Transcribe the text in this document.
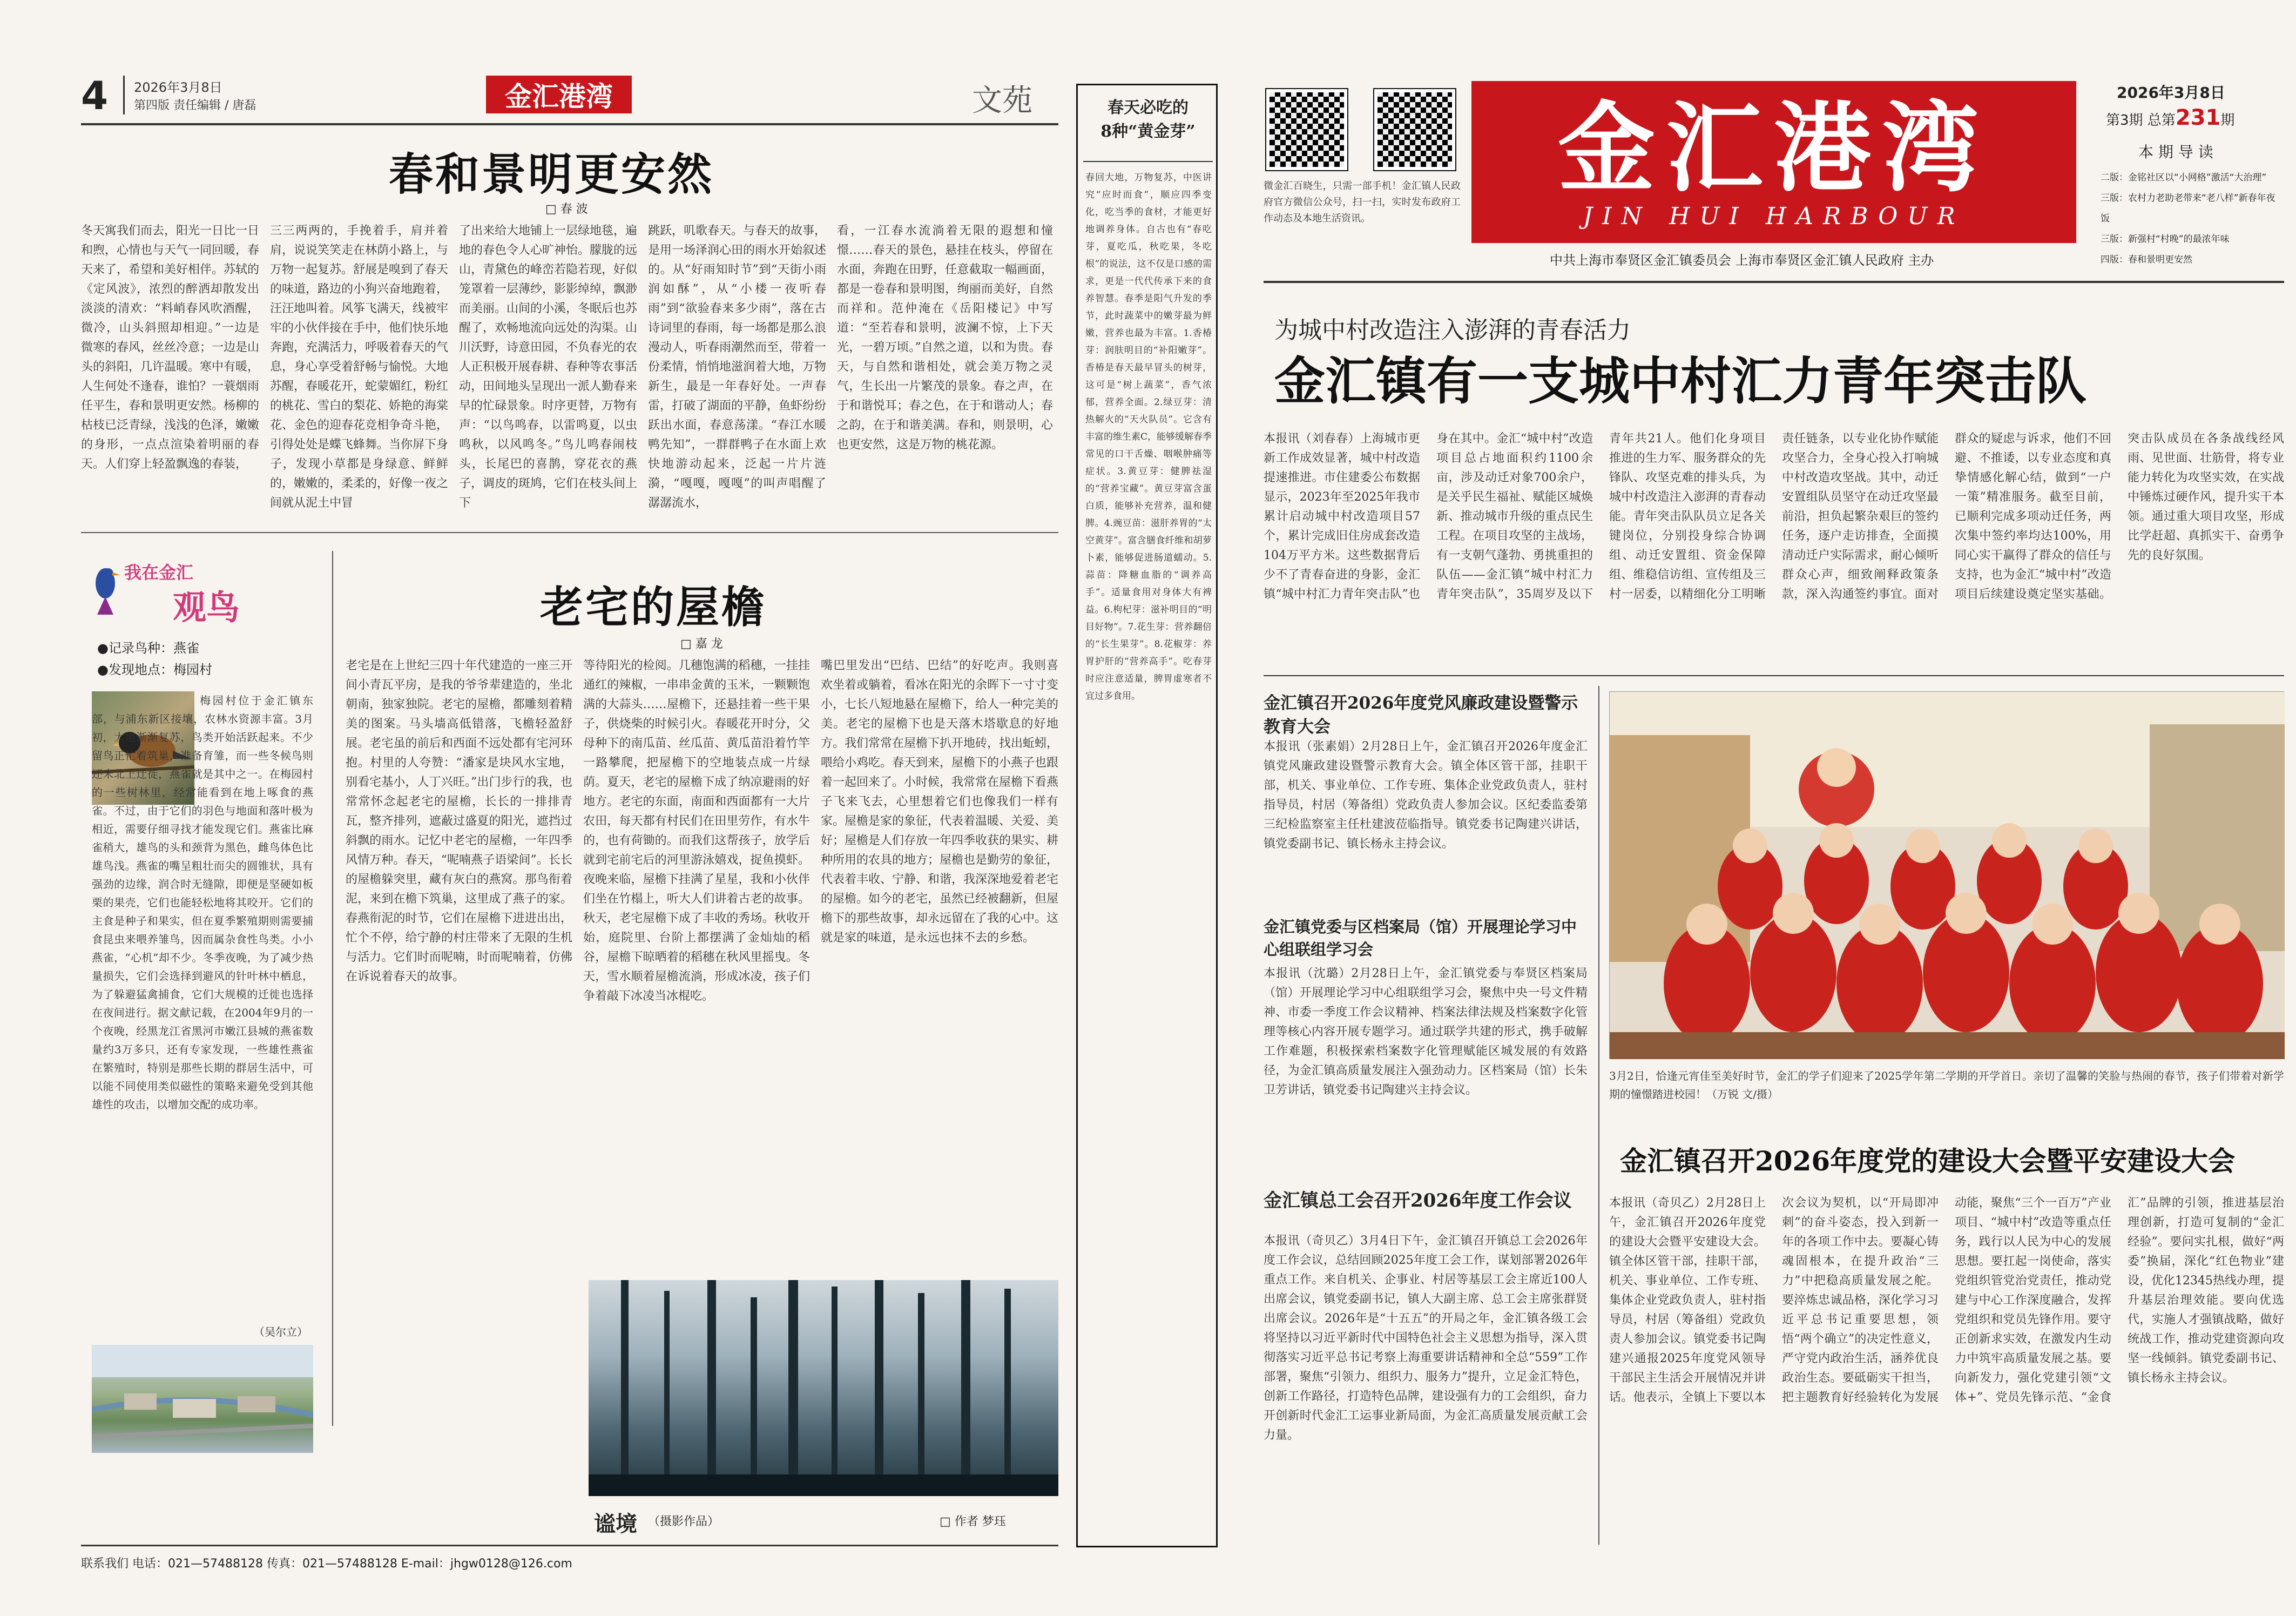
4 2026年3月8日
第四版 责任编辑 / 唐磊	金汇港湾	文苑
春和景明更安然
□ 春 波
冬天寓我们而去，阳光一日比一日和煦，心情也与天气一同回暖，春天来了，希望和美好相伴。苏轼的《定风波》，浓烈的醉洒却散发出淡淡的清欢：“料峭春风吹酒醒，微冷，山头斜照却相迎。”一边是微寒的春风，丝丝冷意；一边是山头的斜阳，几许温暖。寒中有暖，人生何处不逢春，谁怕？一蓑烟雨任平生，春和景明更安然。杨柳的枯枝已泛青绿，浅浅的色泽，嫩嫩的身形，一点点渲染着明丽的春天。人们穿上轻盈飘逸的春装，
三三两两的，手挽着手，肩并着肩，说说笑笑走在林荫小路上，与万物一起复苏。舒展是嗅到了春天的味道，路边的小狗兴奋地跑着，汪汪地叫着。风筝飞满天，线被牢牢的小伙伴接在手中，他们快乐地奔跑，充满活力，呼吸着春天的气息，身心享受着舒畅与愉悦。大地苏醒，春暖花开，蛇蒙媚红，粉红的桃花、雪白的梨花、娇艳的海棠花、金色的迎春花竞相争奇斗艳，引得处处是蝶飞蜂舞。当你屏下身子，发现小草都是身绿意、鲜鲜的，嫩嫩的，柔柔的，好像一夜之间就从泥土中冒
了出来给大地铺上一层绿地毯，遍地的春色令人心旷神怡。朦胧的远山，青黛色的峰峦若隐若现，好似笼罩着一层薄纱，影影绰绰，飘渺而美丽。山间的小溪，冬眠后也苏醒了，欢畅地流向远处的沟渠。山川沃野，诗意田园，不负春光的农人正积极开展春耕、春种等农事活动，田间地头呈现出一派人勤春来早的忙碌景象。时序更替，万物有声：“以鸟鸣春，以雷鸣夏，以虫鸣秋，以风鸣冬。”鸟儿鸣春闹枝头，长尾巴的喜鹊，穿花衣的燕子，调皮的斑鸠，它们在枝头间上下
跳跃，叽歌春天。与春天的故事，是用一场泽润心田的雨水开始叙述的。从“好雨知时节”到“天街小雨润如酥”，从“小楼一夜听春雨”到“欲验春来多少雨”，落在古诗词里的春雨，每一场都是那么浪漫动人，听春雨潮然而至，带着一份柔情，悄悄地滋润着大地，万物新生，最是一年春好处。一声春雷，打破了湖面的平静，鱼虾纷纷跃出水面，春意荡漾。“春江水暖鸭先知”，一群群鸭子在水面上欢快地游动起来，泛起一片片涟漪，“嘎嘎，嘎嘎”的叫声唱醒了潺潺流水，
看，一江春水流淌着无限的遐想和憧憬……春天的景色，悬挂在枝头，停留在水面，奔跑在田野，任意截取一幅画面，都是一卷春和景明图，绚丽而美好，自然而祥和。范仲淹在《岳阳楼记》中写道：“至若春和景明，波澜不惊，上下天光，一碧万顷。”自然之道，以和为贵。春天，与自然和谐相处，就会美万物之灵气，生长出一片繁茂的景象。春之声，在于和谐悦耳；春之色，在于和谐动人；春之韵，在于和谐美满。春和，则景明，心也更安然，这是万物的桃花源。
我在金汇
观鸟
●记录鸟种：燕雀
●发现地点：梅园村
梅园村位于金汇镇东部，与浦东新区接壤，农林水资源丰富。3月初，大地渐渐复苏，鸟类开始活跃起来。不少留鸟正忙着筑巢，准备育雏，而一些冬候鸟则还未北上迁徙，燕雀就是其中之一。在梅园村的一些树林里，经常能看到在地上啄食的燕雀。不过，由于它们的羽色与地面和落叶极为相近，需要仔细寻找才能发现它们。燕雀比麻雀稍大，雄鸟的头和颈背为黑色，雌鸟体色比雄鸟浅。燕雀的嘴呈粗壮而尖的圆锥状，具有强劲的边缘，润合时无缝隙，即便是坚硬如板栗的果壳，它们也能轻松地将其咬开。它们的主食是种子和果实，但在夏季繁殖期则需要捕食昆虫来喂养雏鸟，因而属杂食性鸟类。小小燕雀，“心机”却不少。冬季夜晚，为了减少热量损失，它们会选择到避风的针叶林中栖息，为了躲避猛禽捕食，它们大规模的迁徙也选择在夜间进行。据文献记载，在2004年9月的一个夜晚，经黑龙江省黑河市嫩江县城的燕雀数量约3万多只，还有专家发现，一些雄性燕雀在繁殖时，特别是那些长期的群居生活中，可以能不同使用类似磁性的策略来避免受到其他雄性的攻击，以增加交配的成功率。
（吴尔立）
老宅的屋檐
□ 嘉 龙
老宅是在上世纪三四十年代建造的一座三开间小青瓦平房，是我的爷爷辈建造的，坐北朝南，独家独院。老宅的屋檐，都雕刻着精美的图案。马头墙高低错落，飞檐轻盈舒展。老宅虽的前后和西面不远处都有宅河环抱。村里的人夸赞：“潘家是块风水宝地，别看宅基小，人丁兴旺。”出门步行的我，也常常怀念起老宅的屋檐，长长的一排排青瓦，整齐排列，遮蔽过盛夏的阳光，遮挡过斜飘的雨水。记忆中老宅的屋檐，一年四季风情万种。春天，“呢喃燕子语梁间”。长长的屋檐躲突里，藏有灰白的燕窝。那鸟衔着泥，来到在檐下筑巢，这里成了燕子的家。春燕衔泥的时节，它们在屋檐下进进出出，忙个不停，给宁静的村庄带来了无限的生机与活力。它们时而呢喃，时而呢喃着，仿佛在诉说着春天的故事。
等待阳光的检阅。几穗饱满的稻穗，一挂挂通红的辣椒，一串串金黄的玉米，一颗颗饱满的大蒜头……屋檐下，还悬挂着一些干果子，供烧柴的时候引火。春暖花开时分，父母种下的南瓜苗、丝瓜苗、黄瓜苗沿着竹竿一路攀爬，把屋檐下的空地装点成一片绿荫。夏天，老宅的屋檐下成了纳凉避雨的好地方。老宅的东面，南面和西面都有一大片农田，每天都有村民们在田里劳作，有水牛的，也有荷锄的。而我们这帮孩子，放学后就到宅前宅后的河里游泳嬉戏，捉鱼摸虾。夜晚来临，屋檐下挂满了星星，我和小伙伴们坐在竹榻上，听大人们讲着古老的故事。秋天，老宅屋檐下成了丰收的秀场。秋收开始，庭院里、台阶上都摆满了金灿灿的稻谷，屋檐下晾晒着的稻穗在秋风里摇曳。冬天，雪水顺着屋檐流淌，形成冰凌，孩子们争着敲下冰凌当冰棍吃。
嘴巴里发出“巴结、巴结”的好吃声。我则喜欢坐着或躺着，看冰在阳光的余晖下一寸寸变小，七长八短地悬在屋檐下，给人一种完美的美。老宅的屋檐下也是天落木塔歇息的好地方。我们常常在屋檐下扒开地砖，找出蚯蚓，喂给小鸡吃。春天到来，屋檐下的小燕子也跟着一起回来了。小时候，我常常在屋檐下看燕子飞来飞去，心里想着它们也像我们一样有家。屋檐是家的象征，代表着温暖、关爱、美好；屋檐是人们存放一年四季收获的果实、耕种所用的农具的地方；屋檐也是勤劳的象征，代表着丰收、宁静、和谐，我深深地爱着老宅的屋檐。如今的老宅，虽然已经被翻新，但屋檐下的那些故事，却永远留在了我的心中。这就是家的味道，是永远也抹不去的乡愁。
谧境 （摄影作品）	□ 作者 梦珏
联系我们 电话：021—57488128 传真：021—57488128 E-mail：jhgw0128@126.com
春天必吃的
8种“黄金芽”
春回大地，万物复苏，中医讲究“应时而食”，顺应四季变化，吃当季的食材，才能更好地调养身体。自古也有“春吃芽，夏吃瓜，秋吃果，冬吃根”的说法，这不仅是口感的需求，更是一代代传承下来的食养智慧。春季是阳气升发的季节，此时蔬菜中的嫩芽最为鲜嫩，营养也最为丰富。1.香椿芽：润肤明目的“补阳嫩芽”。香椿是春天最早冒头的树芽，这可是“树上蔬菜”，香气浓郁，营养全面。2.绿豆芽：清热解火的“天火队员”。它含有丰富的维生素C，能够缓解春季常见的口干舌燥、咽喉肿痛等症状。3.黄豆芽：健脾祛湿的“营养宝藏”。黄豆芽富含蛋白质，能够补充营养，温和健脾。4.豌豆苗：滋肝养胃的“太空黄芽”。富含膳食纤维和胡萝卜素，能够促进肠道蠕动。5.蒜苗：降糖血脂的“调养高手”。适量食用对身体大有裨益。6.枸杞芽：滋补明目的“明目好物”。7.花生芽：营养翻倍的“长生果芽”。8.花椒芽：养胃护肝的“营养高手”。吃春芽时应注意适量，脾胃虚寒者不宜过多食用。
微金汇百晓生，只需一部手机！金汇镇人民政府官方微信公众号，扫一扫，实时发布政府工作动态及本地生活资讯。
金汇港湾
JIN HUI HARBOUR
中共上海市奉贤区金汇镇委员会 上海市奉贤区金汇镇人民政府 主办
2026年3月8日
第3期 总第231期
本 期 导 读
二版：金铭社区以“小网格”激活“大治理”
三版：农村力老助老带来“老八样”新春年夜饭
三版：新强村“村晚”的最浓年味
四版：春和景明更安然
为城中村改造注入澎湃的青春活力
金汇镇有一支城中村汇力青年突击队
本报讯（刘春春）上海城市更新工作成效显著，城中村改造提速推进。市住建委公布数据显示，2023年至2025年我市累计启动城中村改造项目57个，累计完成旧住房成套改造104万平方米。这些数据背后少不了青春奋进的身影，金汇镇“城中村汇力青年突击队”也身在其中。金汇“城中村”改造项目总占地面积约1100余亩，涉及动迁对象700余户，是关乎民生福祉、赋能区城焕新、推动城市升级的重点民生工程。在项目攻坚的主战场，有一支朝气蓬勃、勇挑重担的队伍——金汇镇“城中村汇力青年突击队”，35周岁及以下青年共21人。他们化身项目推进的生力军、服务群众的先锋队、攻坚克难的排头兵，为城中村改造注入澎湃的青春动能。青年突击队队员立足各关键岗位，分别投身综合协调组、动迁安置组、资金保障组、维稳信访组、宣传组及三村一居委，以精细化分工明晰责任链条，以专业化协作赋能攻坚合力，全身心投入打响城中村改造攻坚战。其中，动迁安置组队员坚守在动迁攻坚最前沿，担负起繁杂艰巨的签约任务，逐户走访排查，全面摸清动迁户实际需求，耐心倾听群众心声，细致阐释政策条款，深入沟通签约事宜。面对群众的疑虑与诉求，他们不回避、不推诿，以专业态度和真挚情感化解心结，做到“一户一策”精准服务。截至目前，已顺利完成多项动迁任务，两次集中签约率均达100%，用同心实干赢得了群众的信任与支持，也为金汇“城中村”改造项目后续建设奠定坚实基础。突击队成员在各条战线经风雨、见世面、壮筋骨，将专业能力转化为攻坚实效，在实战中锤炼过硬作风，提升实干本领。通过重大项目攻坚，形成比学赶超、真抓实干、奋勇争先的良好氛围。
金汇镇召开2026年度党风廉政建设暨警示教育大会
本报讯（张素娟）2月28日上午，金汇镇召开2026年度金汇镇党风廉政建设暨警示教育大会。镇全体区管干部，挂职干部，机关、事业单位、工作专班、集体企业党政负责人，驻村指导员，村居（筹备组）党政负责人参加会议。区纪委监委第三纪检监察室主任杜建波莅临指导。镇党委书记陶建兴讲话，镇党委副书记、镇长杨永主持会议。
金汇镇党委与区档案局（馆）开展理论学习中心组联组学习会
本报讯（沈璐）2月28日上午，金汇镇党委与奉贤区档案局（馆）开展理论学习中心组联组学习会，聚焦中央一号文件精神、市委一季度工作会议精神、档案法律法规及档案数字化管理等核心内容开展专题学习。通过联学共建的形式，携手破解工作难题，积极探索档案数字化管理赋能区城发展的有效路径，为金汇镇高质量发展注入强劲动力。区档案局（馆）长朱卫芳讲话，镇党委书记陶建兴主持会议。
金汇镇总工会召开2026年度工作会议
本报讯（奇贝乙）3月4日下午，金汇镇召开镇总工会2026年度工作会议，总结回顾2025年度工会工作，谋划部署2026年重点工作。来自机关、企事业、村居等基层工会主席近100人出席会议，镇党委副书记，镇人大副主席、总工会主席张群贤出席会议。2026年是“十五五”的开局之年，金汇镇各级工会将坚持以习近平新时代中国特色社会主义思想为指导，深入贯彻落实习近平总书记考察上海重要讲话精神和全总“559”工作部署，聚焦“引领力、组织力、服务力”提升，立足金汇特色，创新工作路径，打造特色品牌，建设强有力的工会组织，奋力开创新时代金汇工运事业新局面，为金汇高质量发展贡献工会力量。
3月2日，恰逢元宵佳至美好时节，金汇的学子们迎来了2025学年第二学期的开学首日。亲切了温馨的笑脸与热闹的春节，孩子们带着对新学期的憧憬踏进校园！（万锐 文/摄）
金汇镇召开2026年度党的建设大会暨平安建设大会
本报讯（奇贝乙）2月28日上午，金汇镇召开2026年度党的建设大会暨平安建设大会。镇全体区管干部，挂职干部，机关、事业单位、工作专班、集体企业党政负责人，驻村指导员，村居（筹备组）党政负责人参加会议。镇党委书记陶建兴通报2025年度党风领导干部民主生活会开展情况并讲话。他表示，全镇上下要以本次会议为契机，以“开局即冲刺”的奋斗姿态，投入到新一年的各项工作中去。要凝心铸魂固根本，在提升政治“三力”中把稳高质量发展之舵。要淬炼忠诚品格，深化学习习近平总书记重要思想，领悟“两个确立”的决定性意义，严守党内政治生活，涵养优良政治生态。要砥砺实干担当，把主题教育好经验转化为发展动能，聚焦“三个一百万”产业项目、“城中村”改造等重点任务，践行以人民为中心的发展思想。要扛起一岗使命，落实党组织管党治党责任，推动党建与中心工作深度融合，发挥党组织和党员先锋作用。要守正创新求实效，在激发内生动力中筑牢高质量发展之基。要向新发力，强化党建引领“文体+”、党员先锋示范、“金食汇”品牌的引领，推进基层治理创新，打造可复制的“金汇经验”。要问实扎根，做好“两委”换届，深化“红色物业”建设，优化12345热线办理，提升基层治理效能。要向优选代，实施人才强镇战略，做好统战工作，推动党建资源向攻坚一线倾斜。镇党委副书记、镇长杨永主持会议。
